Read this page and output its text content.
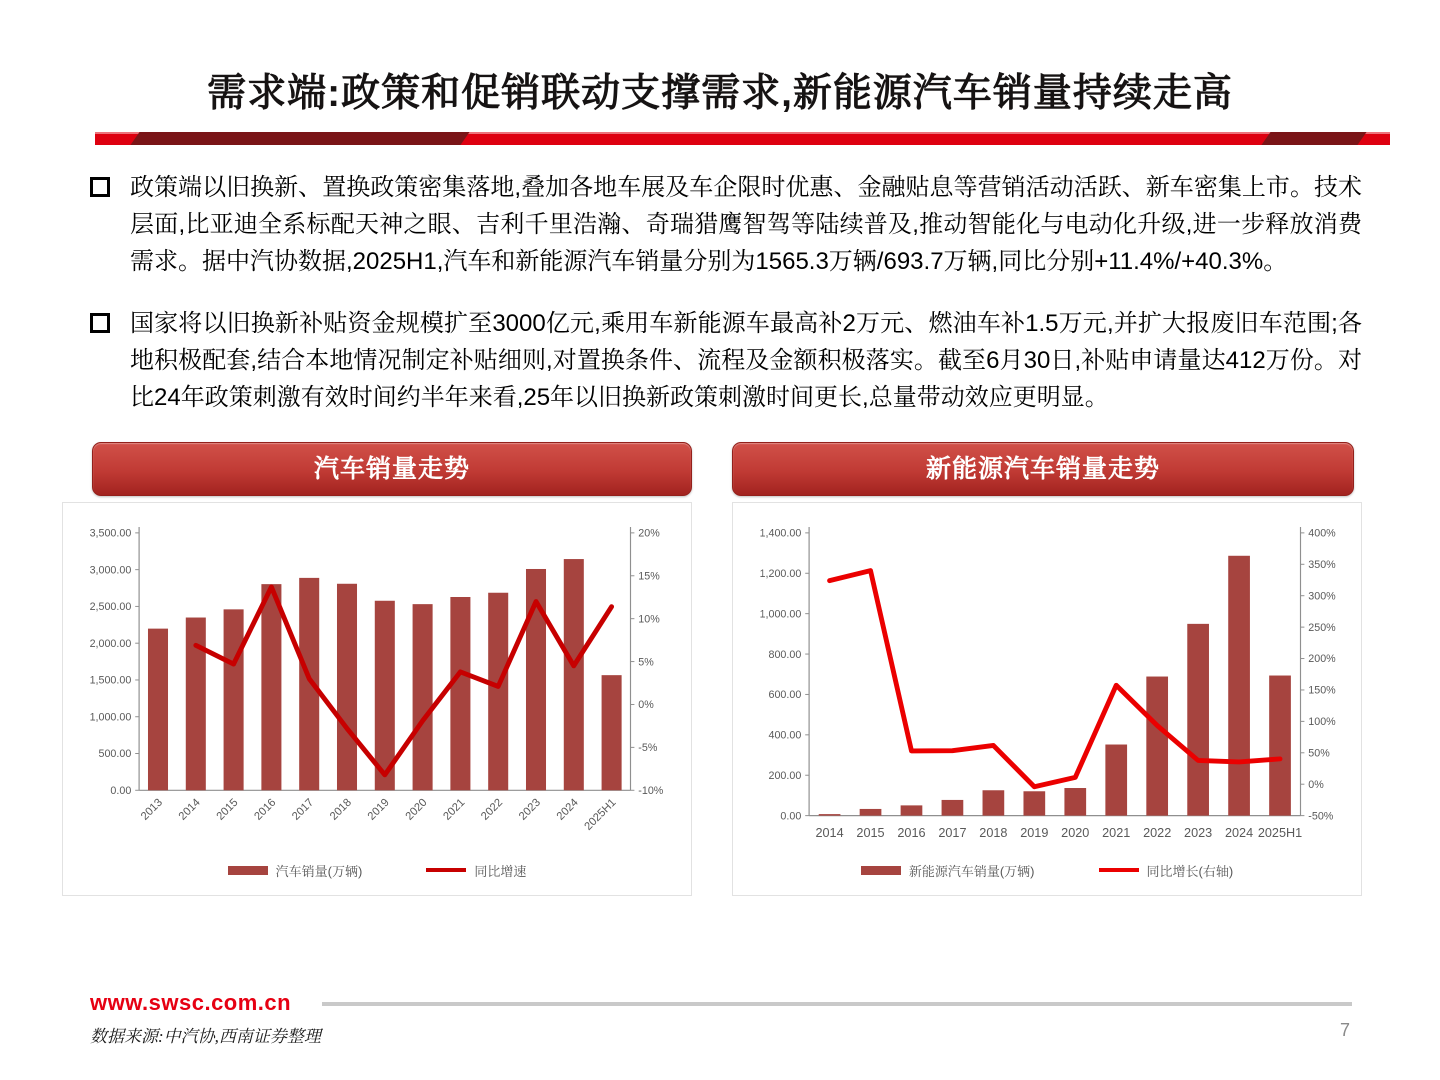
需求端:政策和促销联动支撑需求,新能源汽车销量持续走高

政策端以旧换新、置换政策密集落地,叠加各地车展及车企限时优惠、金融贴息等营销活动活跃、新车密集上市。技术层面,比亚迪全系标配天神之眼、吉利千里浩瀚、奇瑞猎鹰智驾等陆续普及,推动智能化与电动化升级,进一步释放消费需求。据中汽协数据,2025H1,汽车和新能源汽车销量分别为1565.3万辆/693.7万辆,同比分别+11.4%/+40.3%。

国家将以旧换新补贴资金规模扩至3000亿元,乘用车新能源车最高补2万元、燃油车补1.5万元,并扩大报废旧车范围;各地积极配套,结合本地情况制定补贴细则,对置换条件、流程及金额积极落实。截至6月30日,补贴申请量达412万份。对比24年政策刺激有效时间约半年来看,25年以旧换新政策刺激时间更长,总量带动效应更明显。

汽车销量走势
0.00
500.00
1,000.00
1,500.00
2,000.00
2,500.00
3,000.00
3,500.00
-10%
-5%
0%
5%
10%
15%
20%
2013 2014 2015 2016 2017 2018 2019 2020 2021 2022 2023 2024 2025H1
汽车销量(万辆)	同比增速
新能源汽车销量走势
0.00
200.00
400.00
600.00
800.00
1,000.00
1,200.00
1,400.00
-50%
0%
50%
100%
150%
200%
250%
300%
350%
400%
2014 2015 2016 2017 2018 2019 2020 2021 2022 2023 2024 2025H1
新能源汽车销量(万辆)	同比增长(右轴)
www.swsc.com.cn
数据来源:中汽协,西南证券整理	7
